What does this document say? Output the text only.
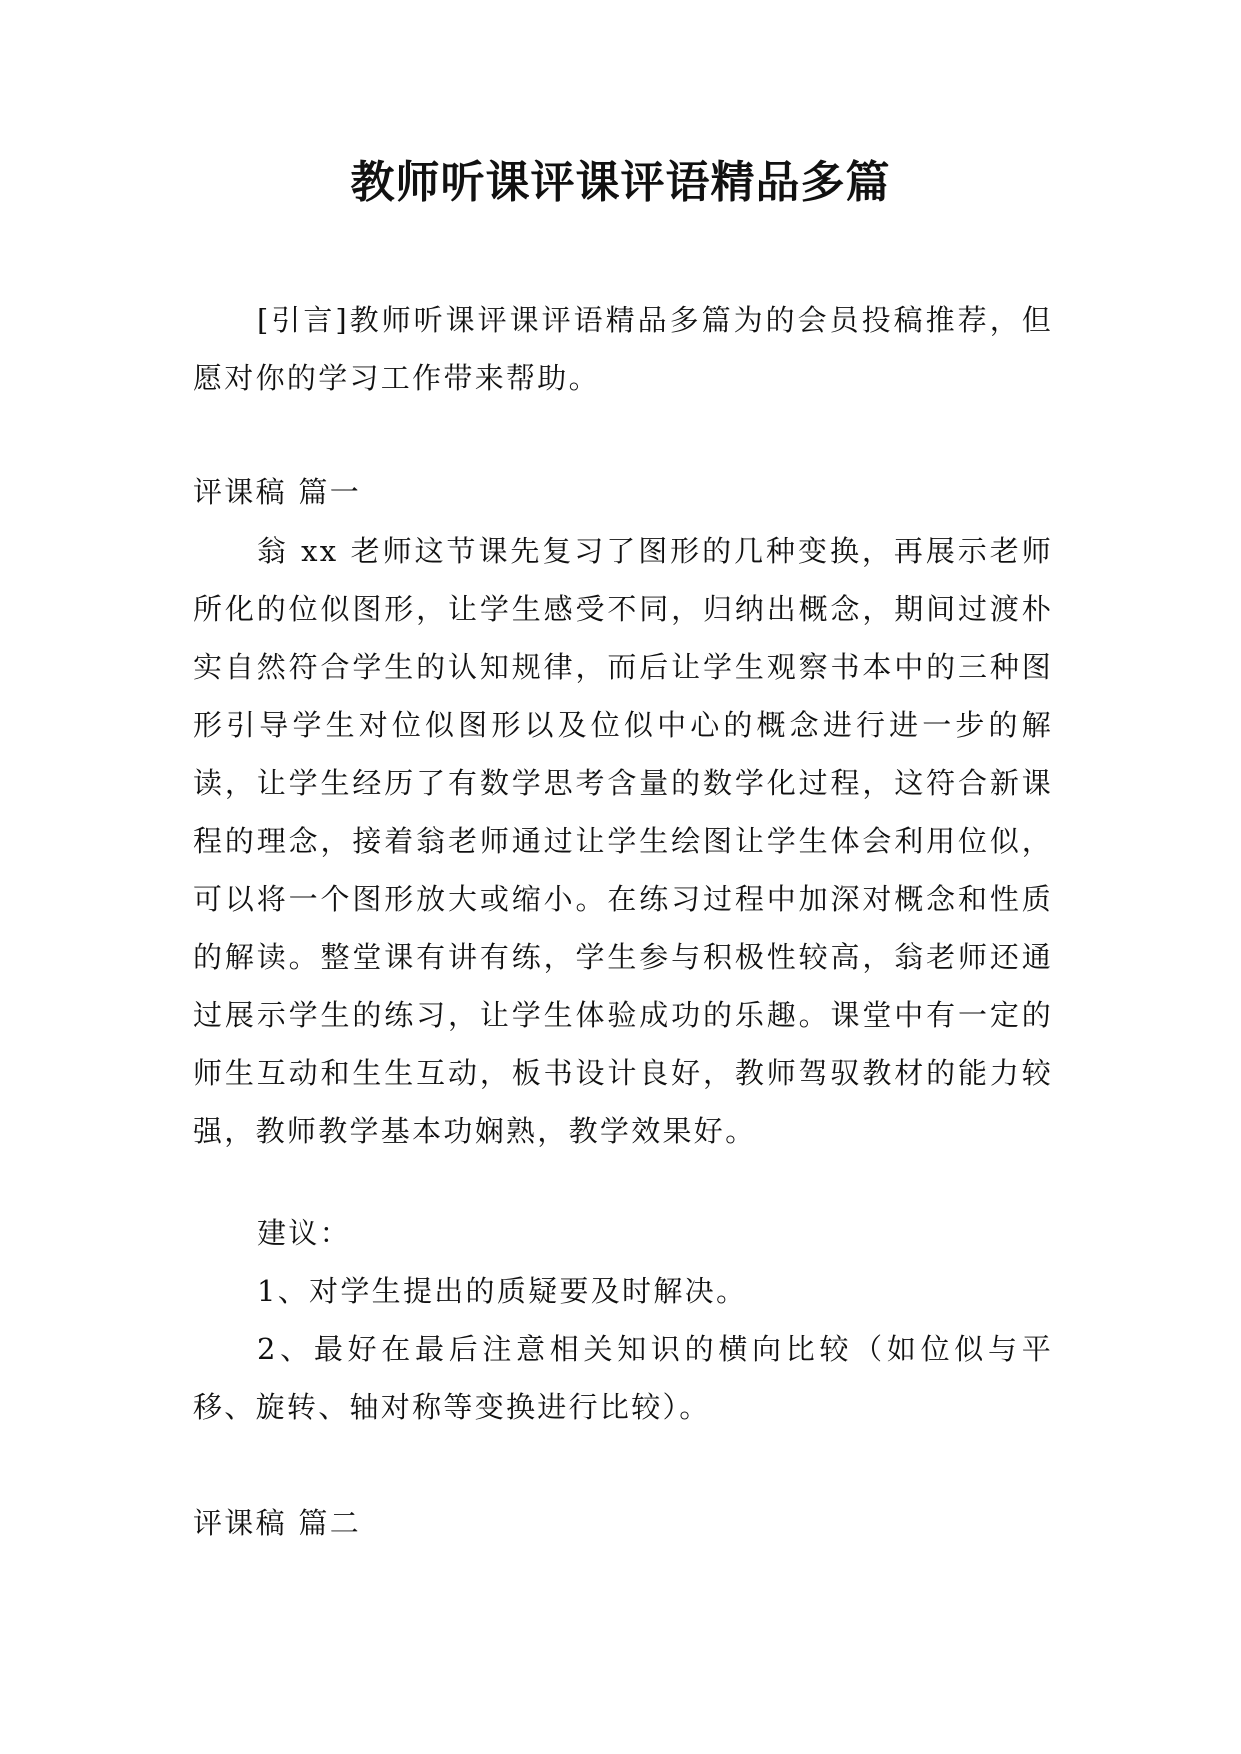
教师听课评课评语精品多篇

[引言]教师听课评课评语精品多篇为的会员投稿推荐，但愿对你的学习工作带来帮助。

评课稿 篇一

翁 xx 老师这节课先复习了图形的几种变换，再展示老师所化的位似图形，让学生感受不同，归纳出概念，期间过渡朴实自然符合学生的认知规律，而后让学生观察书本中的三种图形引导学生对位似图形以及位似中心的概念进行进一步的解读，让学生经历了有数学思考含量的数学化过程，这符合新课程的理念，接着翁老师通过让学生绘图让学生体会利用位似，可以将一个图形放大或缩小。在练习过程中加深对概念和性质的解读。整堂课有讲有练，学生参与积极性较高，翁老师还通过展示学生的练习，让学生体验成功的乐趣。课堂中有一定的师生互动和生生互动，板书设计良好，教师驾驭教材的能力较强，教师教学基本功娴熟，教学效果好。

建议：

1、对学生提出的质疑要及时解决。

2、最好在最后注意相关知识的横向比较（如位似与平移、旋转、轴对称等变换进行比较）。

评课稿 篇二
